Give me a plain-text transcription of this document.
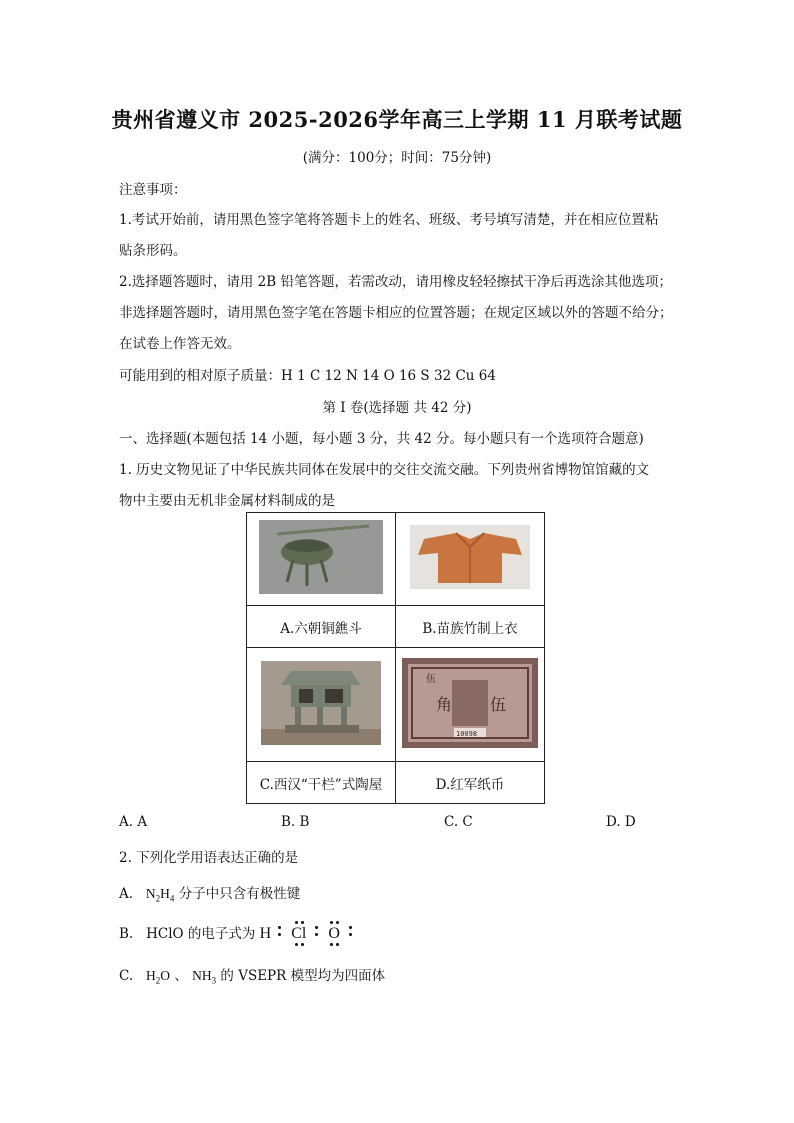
贵州省遵义市 2025-2026学年高三上学期 11 月联考试题
(满分：100分；时间：75分钟)
注意事项：
1.考试开始前，请用黑色签字笔将答题卡上的姓名、班级、考号填写清楚，并在相应位置粘
贴条形码。
2.选择题答题时，请用 2B 铅笔答题，若需改动，请用橡皮轻轻擦拭干净后再选涂其他选项；
非选择题答题时，请用黑色签字笔在答题卡相应的位置答题；在规定区域以外的答题不给分；
在试卷上作答无效。
可能用到的相对原子质量：H 1 C 12 N 14 O 16 S 32 Cu 64
第 I 卷(选择题 共 42 分)
一、选择题(本题包括 14 小题，每小题 3 分，共 42 分。每小题只有一个选项符合题意)
1. 历史文物见证了中华民族共同体在发展中的交往交流交融。下列贵州省博物馆馆藏的文
物中主要由无机非金属材料制成的是

A.六朝铜鐎斗	B.苗族竹制上衣

伍
角 伍
10098

C.西汉“干栏”式陶屋	D.红军纸币
A. A	B. B	C. C	D. D
2. 下列化学用语表达正确的是
A. $N_2H_4$ 分子中只含有极性键
B. HClO 的电子式为 H Cl
O

C. $H_2O$ 、 $NH_3$ 的 VSEPR 模型均为四面体
